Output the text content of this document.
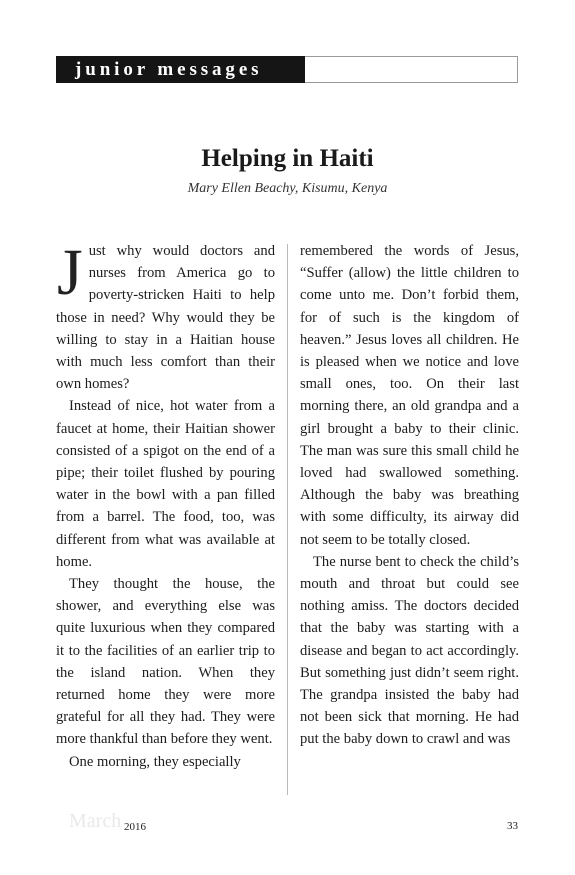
junior messages
Helping in Haiti
Mary Ellen Beachy, Kisumu, Kenya

Just why would doctors and nurses from America go to poverty-stricken Haiti to help those in need? Why would they be willing to stay in a Haitian house with much less comfort than their own homes?

Instead of nice, hot water from a faucet at home, their Haitian shower consisted of a spigot on the end of a pipe; their toilet flushed by pouring water in the bowl with a pan filled from a barrel. The food, too, was different from what was available at home.

They thought the house, the shower, and everything else was quite luxurious when they compared it to the facilities of an earlier trip to the island nation. When they returned home they were more grateful for all they had. They were more thankful than before they went.

One morning, they especially

remembered the words of Jesus, “Suffer (allow) the little children to come unto me. Don’t forbid them, for of such is the kingdom of heaven.” Jesus loves all children. He is pleased when we notice and love small ones, too. On their last morning there, an old grandpa and a girl brought a baby to their clinic. The man was sure this small child he loved had swallowed something. Although the baby was breathing with some difficulty, its airway did not seem to be totally closed.

The nurse bent to check the child’s mouth and throat but could see nothing amiss. The doctors decided that the baby was starting with a disease and began to act accordingly. But something just didn’t seem right. The grandpa insisted the baby had not been sick that morning. He had put the baby down to crawl and was

March 2016	33
